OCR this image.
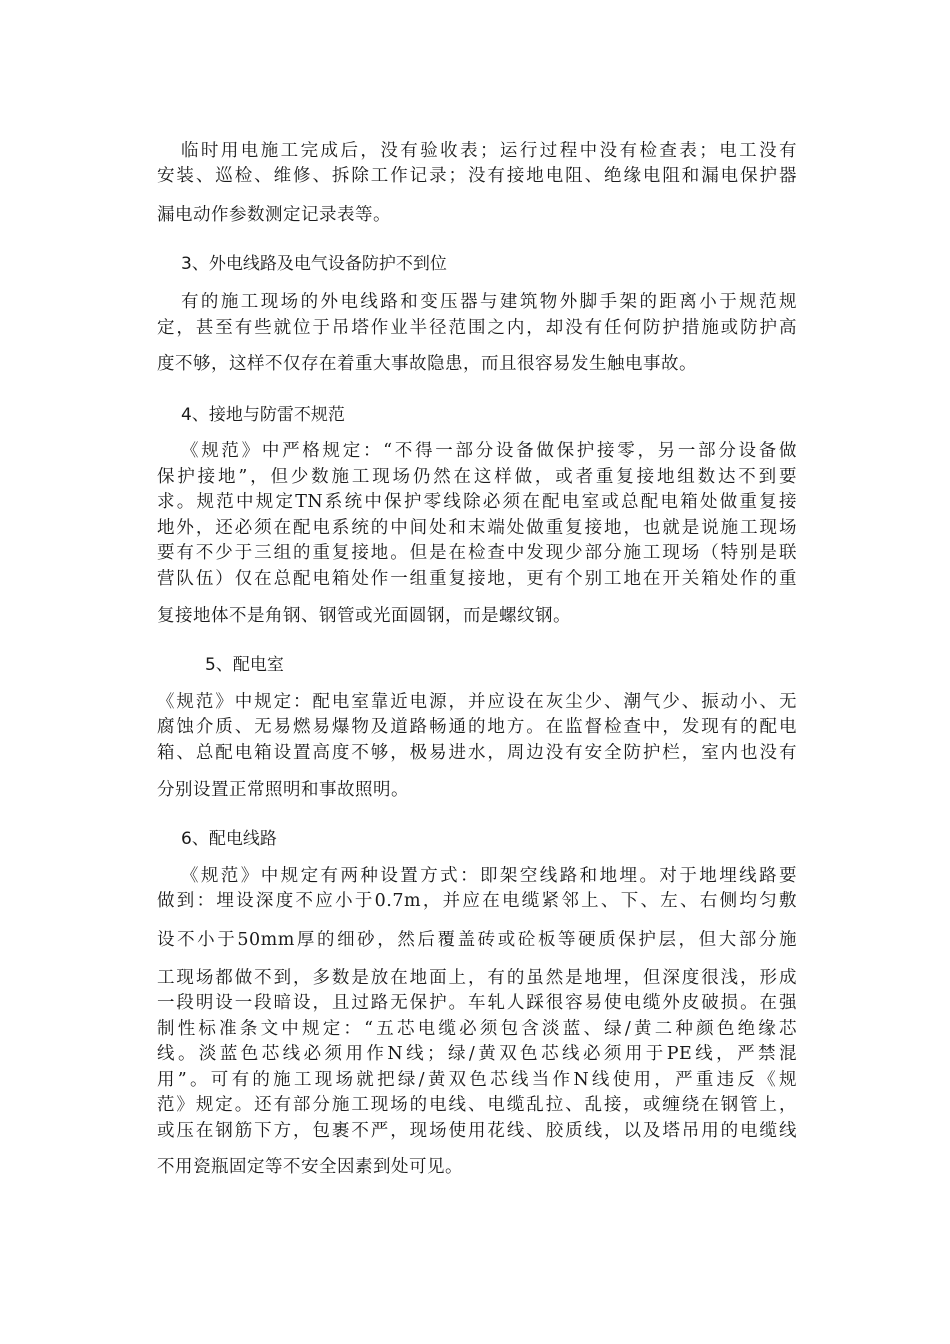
临时用电施工完成后，没有验收表；运行过程中没有检查表；电工没有
安装、巡检、维修、拆除工作记录；没有接地电阻、绝缘电阻和漏电保护器
漏电动作参数测定记录表等。
3、外电线路及电气设备防护不到位
有的施工现场的外电线路和变压器与建筑物外脚手架的距离小于规范规
定，甚至有些就位于吊塔作业半径范围之内，却没有任何防护措施或防护高
度不够，这样不仅存在着重大事故隐患，而且很容易发生触电事故。
4、接地与防雷不规范
《规范》中严格规定：“不得一部分设备做保护接零，另一部分设备做
保护接地”，但少数施工现场仍然在这样做，或者重复接地组数达不到要
求。规范中规定TN系统中保护零线除必须在配电室或总配电箱处做重复接
地外，还必须在配电系统的中间处和末端处做重复接地，也就是说施工现场
要有不少于三组的重复接地。但是在检查中发现少部分施工现场（特别是联
营队伍）仅在总配电箱处作一组重复接地，更有个别工地在开关箱处作的重
复接地体不是角钢、钢管或光面圆钢，而是螺纹钢。
5、配电室
《规范》中规定：配电室靠近电源，并应设在灰尘少、潮气少、振动小、无
腐蚀介质、无易燃易爆物及道路畅通的地方。在监督检查中，发现有的配电
箱、总配电箱设置高度不够，极易进水，周边没有安全防护栏，室内也没有
分别设置正常照明和事故照明。
6、配电线路
《规范》中规定有两种设置方式：即架空线路和地埋。对于地埋线路要
做到：埋设深度不应小于0.7m，并应在电缆紧邻上、下、左、右侧均匀敷
设不小于50mm厚的细砂，然后覆盖砖或砼板等硬质保护层，但大部分施
工现场都做不到，多数是放在地面上，有的虽然是地埋，但深度很浅，形成
一段明设一段暗设，且过路无保护。车轧人踩很容易使电缆外皮破损。在强
制性标准条文中规定：“五芯电缆必须包含淡蓝、绿/黄二种颜色绝缘芯
线。淡蓝色芯线必须用作N线；绿/黄双色芯线必须用于PE线，严禁混
用”。可有的施工现场就把绿/黄双色芯线当作N线使用，严重违反《规
范》规定。还有部分施工现场的电线、电缆乱拉、乱接，或缠绕在钢管上，
或压在钢筋下方，包裹不严，现场使用花线、胶质线，以及塔吊用的电缆线
不用瓷瓶固定等不安全因素到处可见。
